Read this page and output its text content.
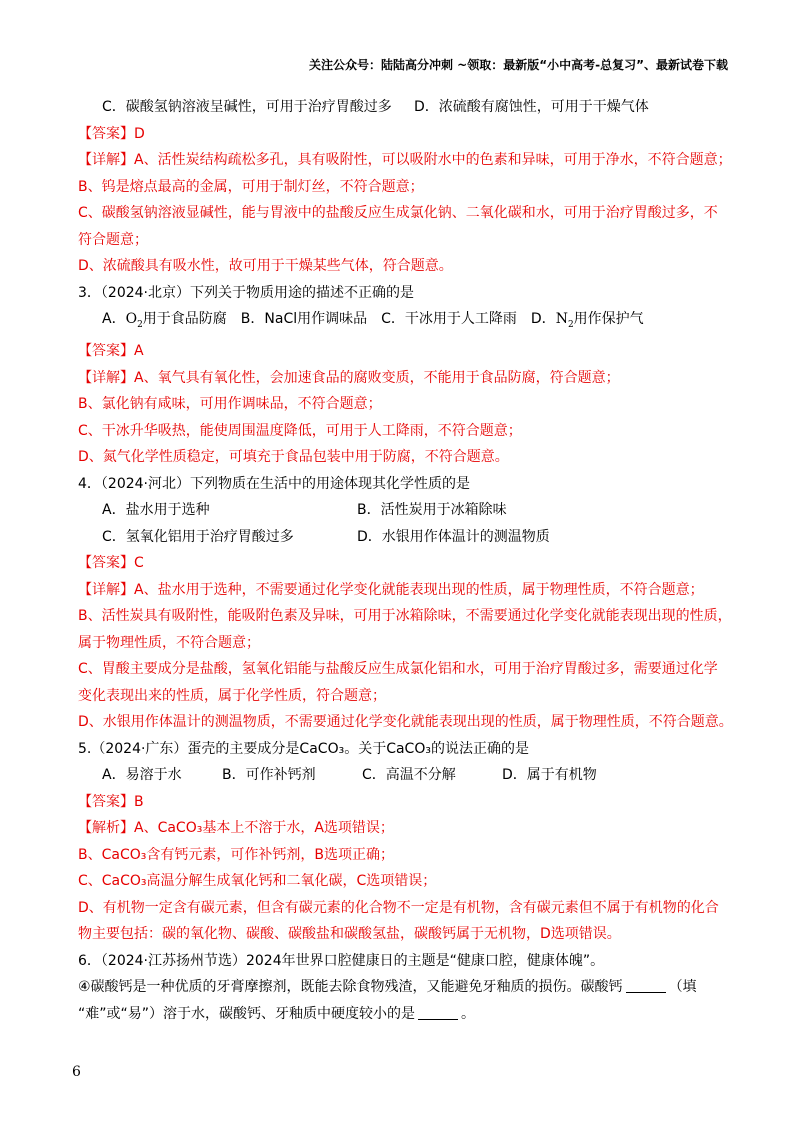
关注公众号：陆陆高分冲刺 ~领取：最新版“小中高考-总复习”、最新试卷下载
C．碳酸氢钠溶液呈碱性，可用于治疗胃酸过多	D．浓硫酸有腐蚀性，可用于干燥气体
【答案】D
【详解】A、活性炭结构疏松多孔，具有吸附性，可以吸附水中的色素和异味，可用于净水，不符合题意；
B、钨是熔点最高的金属，可用于制灯丝，不符合题意；
C、碳酸氢钠溶液显碱性，能与胃液中的盐酸反应生成氯化钠、二氧化碳和水，可用于治疗胃酸过多，不
符合题意；
D、浓硫酸具有吸水性，故可用于干燥某些气体，符合题意。
3．（2024·北京）下列关于物质用途的描述不正确的是
A．$O_2$用于食品防腐 B．NaCl用作调味品 C．干冰用于人工降雨 D．$N_2$用作保护气
【答案】A
【详解】A、氧气具有氧化性，会加速食品的腐败变质，不能用于食品防腐，符合题意；
B、氯化钠有咸味，可用作调味品，不符合题意；
C、干冰升华吸热，能使周围温度降低，可用于人工降雨，不符合题意；
D、氮气化学性质稳定，可填充于食品包装中用于防腐，不符合题意。
4．（2024·河北）下列物质在生活中的用途体现其化学性质的是
A．盐水用于选种	B．活性炭用于冰箱除味
C．氢氧化铝用于治疗胃酸过多	D．水银用作体温计的测温物质
【答案】C
【详解】A、盐水用于选种，不需要通过化学变化就能表现出现的性质，属于物理性质，不符合题意；
B、活性炭具有吸附性，能吸附色素及异味，可用于冰箱除味，不需要通过化学变化就能表现出现的性质，
属于物理性质，不符合题意；
C、胃酸主要成分是盐酸，氢氧化铝能与盐酸反应生成氯化铝和水，可用于治疗胃酸过多，需要通过化学
变化表现出来的性质，属于化学性质，符合题意；
D、水银用作体温计的测温物质，不需要通过化学变化就能表现出现的性质，属于物理性质，不符合题意。
5.（2024·广东）蛋壳的主要成分是CaCO₃。关于CaCO₃的说法正确的是
A．易溶于水	B．可作补钙剂	C．高温不分解	D．属于有机物
【答案】B
【解析】A、CaCO₃基本上不溶于水，A选项错误；
B、CaCO₃含有钙元素，可作补钙剂，B选项正确；
C、CaCO₃高温分解生成氧化钙和二氧化碳，C选项错误；
D、有机物一定含有碳元素，但含有碳元素的化合物不一定是有机物，含有碳元素但不属于有机物的化合
物主要包括：碳的氧化物、碳酸、碳酸盐和碳酸氢盐，碳酸钙属于无机物，D选项错误。
6．（2024·江苏扬州节选）2024年世界口腔健康日的主题是“健康口腔，健康体魄”。
④碳酸钙是一种优质的牙膏摩擦剂，既能去除食物残渣，又能避免牙釉质的损伤。碳酸钙	（填
“难”或“易”）溶于水，碳酸钙、牙釉质中硬度较小的是	。
6
